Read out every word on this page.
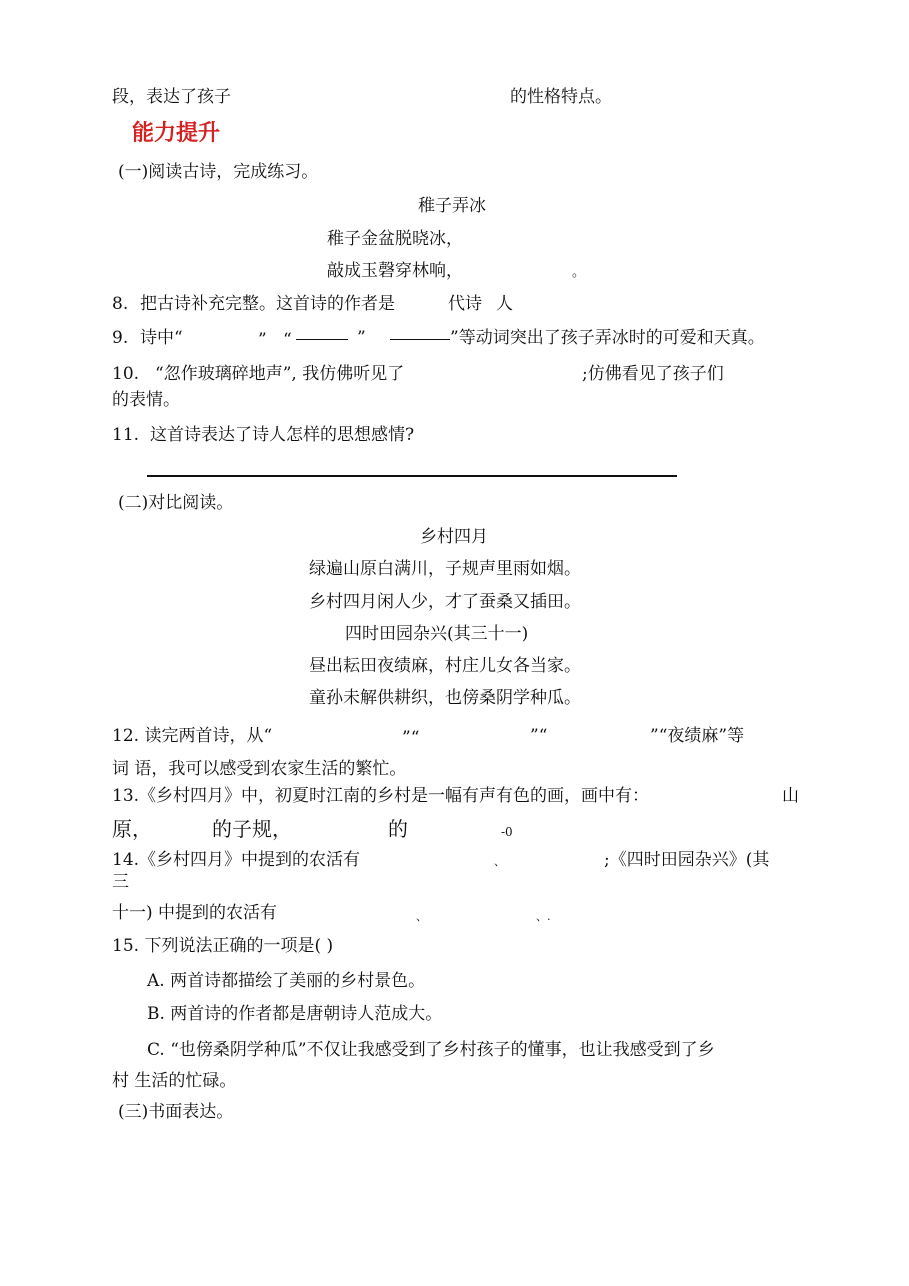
段，表达了孩子	的性格特点。
能力提升
(一)阅读古诗，完成练习。
稚子弄冰
稚子金盆脱晓冰，
敲成玉磬穿林响，	。
8. 把古诗补充完整。这首诗的作者是	代诗 人
9. 诗中“	” “	”	”等动词突出了孩子弄冰时的可爱和天真。
10. “忽作玻璃碎地声”, 我仿佛听见了	;仿佛看见了孩子们
的表情。
11. 这首诗表达了诗人怎样的思想感情?
(二)对比阅读。
乡村四月
绿遍山原白满川，子规声里雨如烟。
乡村四月闲人少，才了蚕桑又插田。
四时田园杂兴(其三十一)
昼出耘田夜绩麻，村庄儿女各当家。
童孙未解供耕织，也傍桑阴学种瓜。
12. 读完两首诗，从“	”“	”“	”“夜绩麻”等
词 语，我可以感受到农家生活的繁忙。
13.《乡村四月》中，初夏时江南的乡村是一幅有声有色的画，画中有：	山
原，	的子规，	的	-0
14.《乡村四月》中提到的农活有	、	;《四时田园杂兴》(其
三
十一) 中提到的农活有	、	、.
15. 下列说法正确的一项是( )
A. 两首诗都描绘了美丽的乡村景色。
B. 两首诗的作者都是唐朝诗人范成大。
C. “也傍桑阴学种瓜”不仅让我感受到了乡村孩子的懂事，也让我感受到了乡
村 生活的忙碌。
(三)书面表达。
